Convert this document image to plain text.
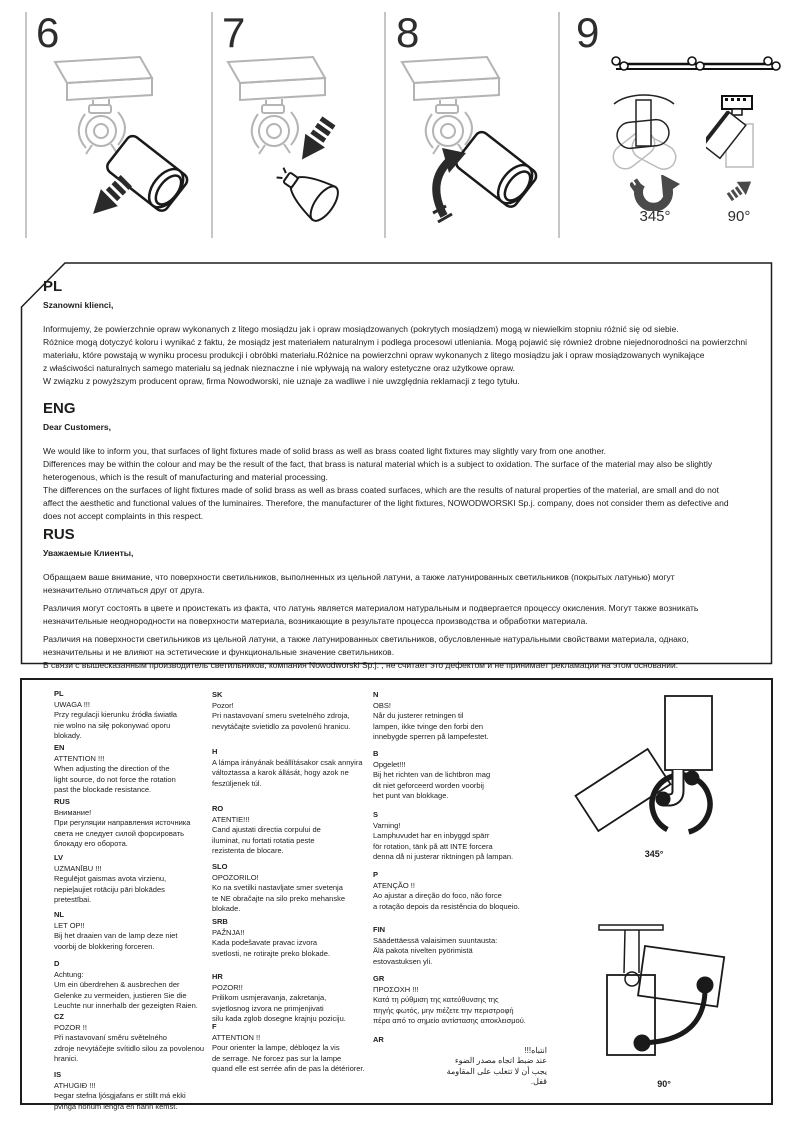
6	7	8	9
345°	90°
PL
Szanowni klienci,
Informujemy, że powierzchnie opraw wykonanych z litego mosiądzu jak i opraw mosiądzowanych (pokrytych mosiądzem) mogą w niewielkim stopniu różnić się od siebie.
Różnice mogą dotyczyć koloru i wynikać z faktu, że mosiądz jest materiałem naturalnym i podlega procesowi utleniania. Mogą pojawić się również drobne niejednorodności na powierzchni
materiału, które powstają w wyniku procesu produkcji i obróbki materiału.Różnice na powierzchni opraw wykonanych z litego mosiądzu jak i opraw mosiądzowanych wynikające
z właściwości naturalnych samego materiału są jednak nieznaczne i nie wpływają na walory estetyczne oraz użytkowe opraw.
W związku z powyższym producent opraw, firma Nowodworski, nie uznaje za wadliwe i nie uwzględnia reklamacji z tego tytułu.
ENG
Dear Customers,
We would like to inform you, that surfaces of light fixtures made of solid brass as well as brass coated light fixtures may slightly vary from one another.
Differences may be within the colour and may be the result of the fact, that brass is natural material which is a subject to oxidation. The surface of the material may also be slightly
heterogenous, which is the result of manufacturing and material processing.
The differences on the surfaces of light fixtures made of solid brass as well as brass coated surfaces, which are the results of natural properties of the material, are small and do not
affect the aesthetic and functional values of the luminaires. Therefore, the manufacturer of the light fixtures, NOWODWORSKI Sp.j. company, does not consider them as defective and
does not accept complaints in this respect.
RUS
Уважаемые Клиенты,
Обращаем ваше внимание, что поверхности светильников, выполненных из цельной латуни, а также латунированных светильников (покрытых латунью) могут
незначительно отличаться друг от друга.
Различия могут состоять в цвете и проистекать из факта, что латунь является материалом натуральным и подвергается процессу окисления. Могут также возникать
незначительные неоднородности на поверхности материала, возникающие в результате процесса производства и обработки материала.
Различия на поверхности светильников из цельной латуни, а также латунированных светильников, обусловленные натуральными свойствами материала, однако,
незначительны и не влияют на эстетические и функциональные значение светильников.
В связи с вышесказанным производитель светильников, компания Nowodworski Sp.j. , не считает это дефектом и не принимает рекламации на этом основании.
345°
90°
PL
UWAGA !!!
Przy regulacji kierunku źródła światła
nie wolno na siłę pokonywać oporu
blokady.
EN
ATTENTION !!!
When adjusting the direction of the
light source, do not force the rotation
past the blockade resistance.
RUS
Внимание!
При регуляции направления источника
света не следует силой форсировать
блокаду его оборота.
LV
UZMANĪBU !!!
Regulējot gaismas avota virzienu,
nepieļaujiet rotāciju pāri blokādes
pretestībai.
NL
LET OP!!
Bij het draaien van de lamp deze niet
voorbij de blokkering forceren.
D
Achtung:
Um ein überdrehen & ausbrechen der
Gelenke zu vermeiden, justieren Sie die
Leuchte nur innerhalb der gezeigten Raien.
CZ
POZOR !!
Při nastavovaní směru světelného
zdroje nevytáčejte svítidlo silou za povolenou
hranici.
IS
ATHUGIÐ !!!
Þegar stefna ljósgjafans er stillt má ekki
þvinga honum lengra en hann kemst.
SK
Pozor!
Pri nastavovaní smeru svetelného zdroja,
nevytáčajte svietidlo za povolenú hranicu.
H
A lámpa irányának beállításakor csak annyira
változtassa a karok állását, hogy azok ne
feszüljenek túl.
RO
ATENTIE!!!
Cand ajustati directia corpului de
iluminat, nu fortati rotatia peste
rezistenta de blocare.
SLO
OPOZORILO!
Ko na svetilki nastavljate smer svetenja
te NE obračajte na silo preko mehanske
blokade.
SRB
PAŽNJA!!
Kada podešavate pravac izvora
svetlosti, ne rotirajte preko blokade.
HR
POZOR!!
Prilikom usmjeravanja, zakretanja,
svjetlosnog izvora ne primjenjivati
silu kada zglob dosegne krajnju poziciju.
F
ATTENTION !!
Pour orienter la lampe, débloqez la vis
de serrage. Ne forcez pas sur la lampe
quand elle est serrée afin de pas la détériorer.
N
OBS!
Når du justerer retningen til
lampen, ikke tvinge den forbi den
innebygde sperren på lampefestet.
B
Opgelet!!!
Bij het richten van de lichtbron mag
dit niet geforceerd worden voorbij
het punt van blokkage.
S
Varning!
Lamphuvudet har en inbyggd spärr
för rotation, tänk på att INTE forcera
denna då ni justerar riktningen på lampan.
P
ATENÇÃO !!
Ao ajustar a direção do foco, não force
a rotação depois da resistência do bloqueio.
FIN
Säädettäessä valaisimen suuntausta:
Älä pakota nivelten pyörimistä
estovastuksen yli.
GR
ΠΡΟΣΟΧΗ !!!
Κατά τη ρύθμιση της κατεύθυνσης της
πηγής φωτός, μην πιέζετε την περιστροφή
πέρα από το σημείο αντίστασης αποκλεισμού.
AR
انتباه!!!
عند ضبط اتجاه مصدر الضوء
يجب أن لا تتغلب على المقاومة
قفل.
